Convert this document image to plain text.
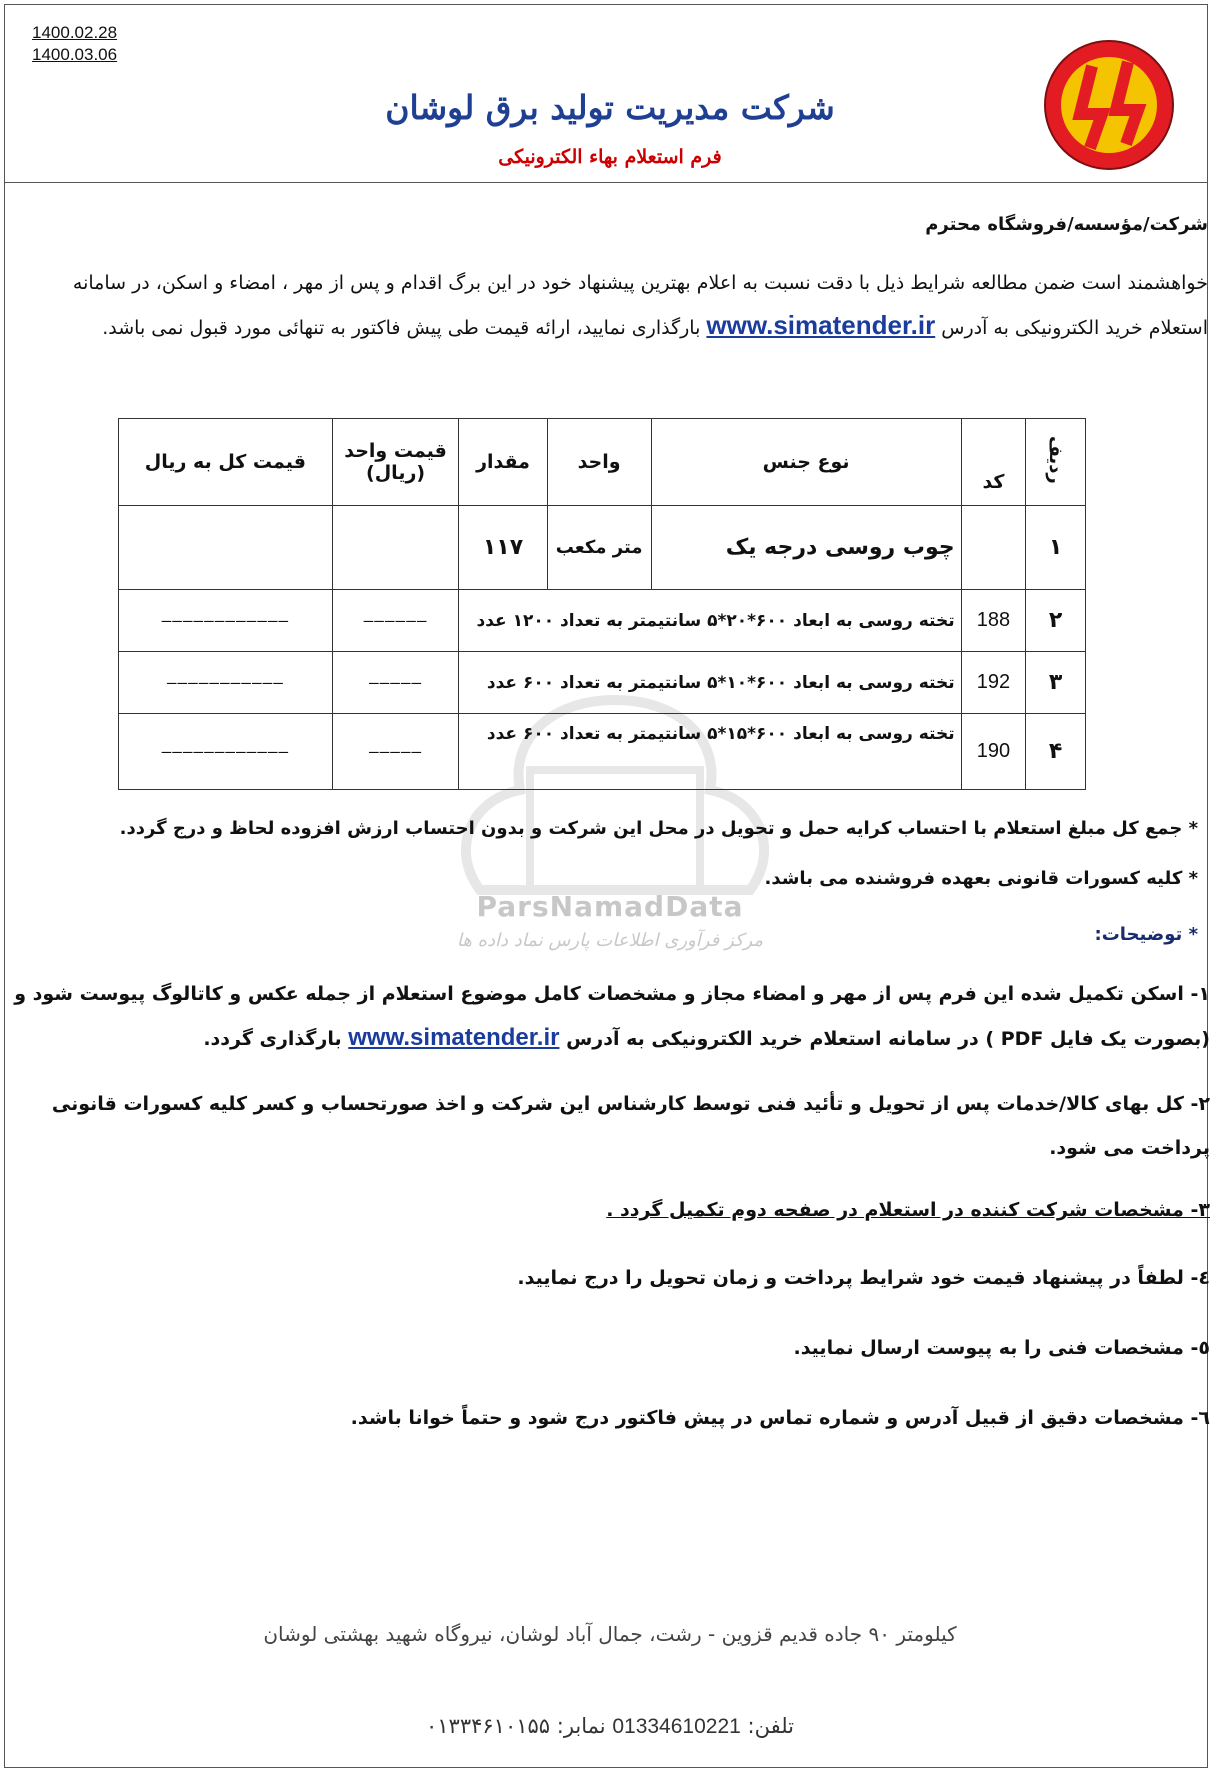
1400.02.28
1400.03.06
شرکت مدیریت تولید برق لوشان
فرم استعلام بهاء الکترونیکی
شرکت/مؤسسه/فروشگاه محترم
خواهشمند است ضمن مطالعه شرایط ذیل با دقت نسبت به اعلام بهترین پیشنهاد خود در این برگ اقدام و پس از مهر ، امضاء و اسکن، در سامانه استعلام خرید الکترونیکی به آدرس www.simatender.ir بارگذاری نمایید، ارائه قیمت طی پیش فاکتور به تنهائی مورد قبول نمی باشد.
ParsNamadData
مرکز فرآوری اطلاعات پارس نماد داده ها
ردیف	کد	نوع جنس	واحد	مقدار	قیمت واحد (ریال)	قیمت کل به ریال
۱		چوب روسی درجه یک	متر مکعب	۱۱۷		
۲	188	تخته روسی به ابعاد ۶۰۰*۲۰*۵ سانتیمتر به تعداد ۱۲۰۰ عدد			––––––	––––––––––––
۳	192	تخته روسی به ابعاد ۶۰۰*۱۰*۵ سانتیمتر به تعداد ۶۰۰ عدد			–––––	–––––––––––
۴	190	تخته روسی به ابعاد ۶۰۰*۱۵*۵ سانتیمتر به تعداد ۶۰۰ عدد			–––––	––––––––––––
* جمع کل مبلغ استعلام با احتساب کرایه حمل و تحویل در محل این شرکت و بدون احتساب ارزش افزوده لحاظ و درج گردد.
* کلیه کسورات قانونی بعهده فروشنده می باشد.
* توضیحات:
۱- اسکن تکمیل شده این فرم پس از مهر و امضاء مجاز و مشخصات کامل موضوع استعلام از جمله عکس و کاتالوگ پیوست شود و (بصورت یک فایل PDF ) در سامانه استعلام خرید الکترونیکی به آدرس www.simatender.ir بارگذاری گردد.
۲- کل بهای کالا/خدمات پس از تحویل و تأئید فنی توسط کارشناس این شرکت و اخذ صورتحساب و کسر کلیه کسورات قانونی پرداخت می شود.
۳- مشخصات شرکت کننده در استعلام در صفحه دوم تکمیل گردد .
٤- لطفاً در پیشنهاد قیمت خود شرایط پرداخت و زمان تحویل را درج نمایید.
٥- مشخصات فنی را به پیوست ارسال نمایید.
٦- مشخصات دقیق از قبیل آدرس و شماره تماس در پیش فاکتور درج شود و حتماً خوانا باشد.
کیلومتر ۹۰ جاده قدیم قزوین - رشت، جمال آباد لوشان، نیروگاه شهید بهشتی لوشان
تلفن: 01334610221 نمابر: ۰۱۳۳۴۶۱۰۱۵۵
